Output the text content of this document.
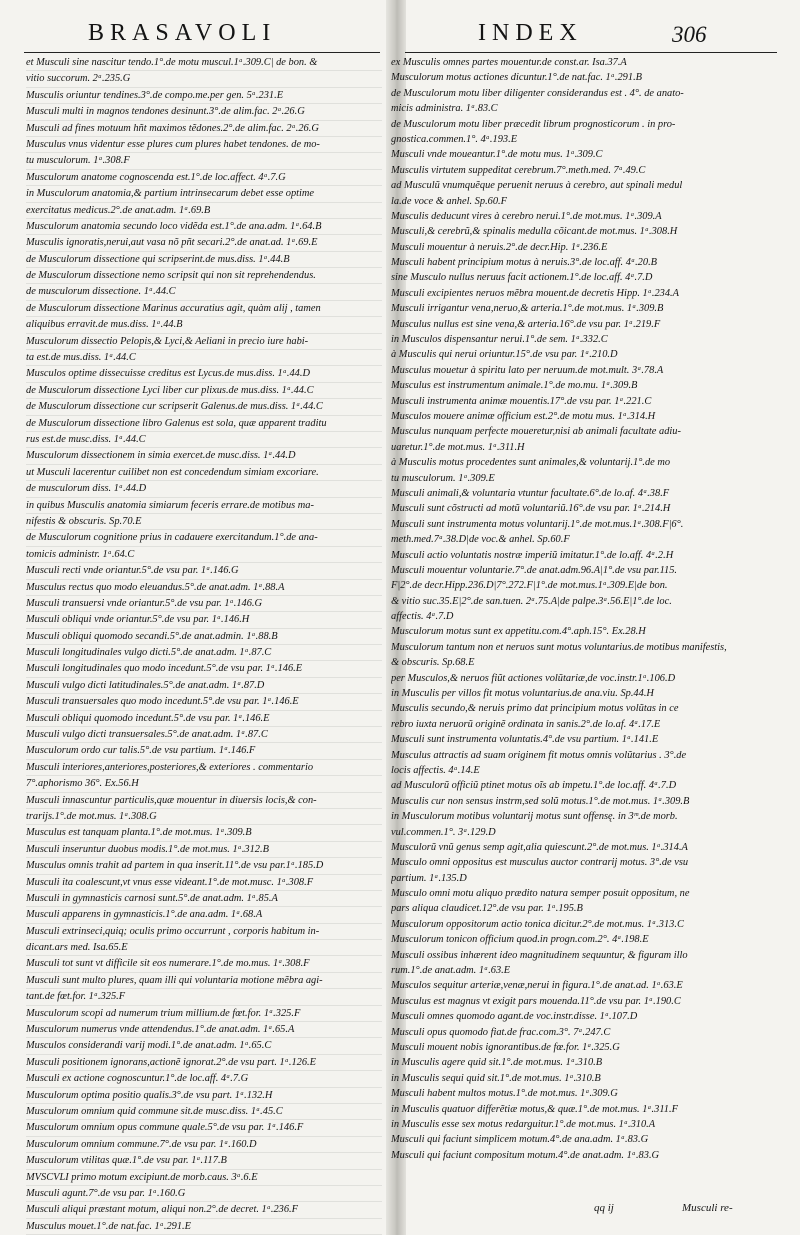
BRASAVOLI	INDEX	306

et Musculi sine nascitur tendo.1°.de motu muscul.1ᵃ.309.C| de bon. &

vitio succorum. 2ᵃ.235.G

Musculis oriuntur tendines.3°.de compo.me.per gen. 5ᵃ.231.E

Musculi multi in magnos tendones desinunt.3°.de alim.fac. 2ᵃ.26.G

Musculi ad fines motuum hñt maximos tẽdones.2°.de alim.fac. 2ᵃ.26.G

Musculus vnus videntur esse plures cum plures habet tendones. de mo-

tu musculorum. 1ᵃ.308.F

Musculorum anatome cognoscenda est.1°.de loc.affect. 4ᵃ.7.G

in Musculorum anatomia,& partium intrinsecarum debet esse optime

exercitatus medicus.2°.de anat.adm. 1ᵃ.69.B

Musculorum anatomia secundo loco vidẽda est.1°.de ana.adm. 1ᵃ.64.B

Musculis ignoratis,nerui,aut vasa nõ pñt secari.2°.de anat.ad. 1ᵃ.69.E

de Musculorum dissectione qui scripserint.de mus.diss. 1ᵃ.44.B

de Musculorum dissectione nemo scripsit qui non sit reprehendendus.

de musculorum dissectione. 1ᵃ.44.C

de Musculorum dissectione Marinus accuratius agit, quàm alij , tamen

aliquibus erravit.de mus.diss. 1ᵃ.44.B

Musculorum dissectio Pelopis,& Lyci,& Aeliani in precio iure habi-

ta est.de mus.diss. 1ᵃ.44.C

Musculos optime dissecuisse creditus est Lycus.de mus.diss. 1ᵃ.44.D

de Musculorum dissectione Lyci liber cur plixus.de mus.diss. 1ᵃ.44.C

de Musculorum dissectione cur scripserit Galenus.de mus.diss. 1ᵃ.44.C

de Musculorum dissectione libro Galenus est sola, quæ apparent traditu

rus est.de musc.diss. 1ᵃ.44.C

Musculorum dissectionem in simia exercet.de musc.diss. 1ᵃ.44.D

ut Musculi lacerentur cuilibet non est concedendum simiam excoriare.

de musculorum diss. 1ᵃ.44.D

in quibus Musculis anatomia simiarum feceris errare.de motibus ma-

nifestis & obscuris. Sp.70.E

de Musculorum cognitione prius in cadauere exercitandum.1°.de ana-

tomicis administr. 1ᵃ.64.C

Musculi recti vnde oriantur.5°.de vsu par. 1ᵃ.146.G

Musculus rectus quo modo eleuandus.5°.de anat.adm. 1ᵃ.88.A

Musculi transuersi vnde oriantur.5°.de vsu par. 1ᵃ.146.G

Musculi obliqui vnde oriantur.5°.de vsu par. 1ᵃ.146.H

Musculi obliqui quomodo secandi.5°.de anat.admin. 1ᵃ.88.B

Musculi longitudinales vulgo dicti.5°.de anat.adm. 1ᵃ.87.C

Musculi longitudinales quo modo incedunt.5°.de vsu par. 1ᵃ.146.E

Musculi vulgo dicti latitudinales.5°.de anat.adm. 1ᵃ.87.D

Musculi transuersales quo modo incedunt.5°.de vsu par. 1ᵃ.146.E

Musculi obliqui quomodo incedunt.5°.de vsu par. 1ᵃ.146.E

Musculi vulgo dicti transuersales.5°.de anat.adm. 1ᵃ.87.C

Musculorum ordo cur talis.5°.de vsu partium. 1ᵃ.146.F

Musculi interiores,anteriores,posteriores,& exteriores . commentario

7°.aphorismo 36°. Ex.56.H

Musculi innascuntur particulis,quæ mouentur in diuersis locis,& con-

trarijs.1°.de mot.mus. 1ᵃ.308.G

Musculus est tanquam planta.1°.de mot.mus. 1ᵃ.309.B

Musculi inseruntur duobus modis.1°.de mot.mus. 1ᵃ.312.B

Musculus omnis trahit ad partem in qua inserit.11°.de vsu par.1ᵃ.185.D

Musculi ita coalescunt,vt vnus esse videant.1°.de mot.musc. 1ᵃ.308.F

Musculi in gymnasticis carnosi sunt.5°.de anat.adm. 1ᵃ.85.A

Musculi apparens in gymnasticis.1°.de ana.adm. 1ᵃ.68.A

Musculi extrinseci,quiq; oculis primo occurrunt , corporis habitum in-

dicant.ars med. Isa.65.E

Musculi tot sunt vt difficile sit eos numerare.1°.de mo.mus. 1ᵃ.308.F

Musculi sunt multo plures, quam illi qui voluntaria motione mẽbra agi-

tant.de fœt.for. 1ᵃ.325.F

Musculorum scopi ad numerum trium millium.de fœt.for. 1ᵃ.325.F

Musculorum numerus vnde attendendus.1°.de anat.adm. 1ᵃ.65.A

Musculos considerandi varij modi.1°.de anat.adm. 1ᵃ.65.C

Musculi positionem ignorans,actionẽ ignorat.2°.de vsu part. 1ᵃ.126.E

Musculi ex actione cognoscuntur.1°.de loc.aff. 4ᵃ.7.G

Musculorum optima positio qualis.3°.de vsu part. 1ᵃ.132.H

Musculorum omnium quid commune sit.de musc.diss. 1ᵃ.45.C

Musculorum omnium opus commune quale.5°.de vsu par. 1ᵃ.146.F

Musculorum omnium commune.7°.de vsu par. 1ᵃ.160.D

Musculorum vtilitas quæ.1°.de vsu par. 1ᵃ.117.B

MVSCVLI primo motum excipiunt.de morb.caus. 3ᵃ.6.E

Musculi agunt.7°.de vsu par. 1ᵃ.160.G

Musculi aliqui præstant motum, aliqui non.2°.de decret. 1ᵃ.236.F

Musculus mouet.1°.de nat.fac. 1ᵃ.291.E

ex Musculis omnes partes mouentur.de const.ar. Isa.37.A

Musculorum motus actiones dicuntur.1°.de nat.fac. 1ᵃ.291.B

de Musculorum motu liber diligenter considerandus est . 4°. de anato-

micis administra. 1ᵃ.83.C

de Musculorum motu liber præcedit librum prognosticorum . in pro-

gnostica.commen.1°. 4ᵃ.193.E

Musculi vnde moueantur.1°.de motu mus. 1ᵃ.309.C

Musculis virtutem suppeditat cerebrum.7°.meth.med. 7ᵃ.49.C

ad Musculũ vnumquẽque peruenit neruus à cerebro, aut spinali medul

la.de voce & anhel. Sp.60.F

Musculis deducunt vires à cerebro nerui.1°.de mot.mus. 1ᵃ.309.A

Musculi,& cerebrũ,& spinalis medulla cõicant.de mot.mus. 1ᵃ.308.H

Musculi mouentur à neruis.2°.de decr.Hip. 1ᵃ.236.E

Musculi habent principium motus à neruis.3°.de loc.aff. 4ᵃ.20.B

sine Musculo nullus neruus facit actionem.1°.de loc.aff. 4ᵃ.7.D

Musculi excipientes neruos mẽbra mouent.de decretis Hipp. 1ᵃ.234.A

Musculi irrigantur vena,neruo,& arteria.1°.de mot.mus. 1ᵃ.309.B

Musculus nullus est sine vena,& arteria.16°.de vsu par. 1ᵃ.219.F

in Musculos dispensantur nerui.1°.de sem. 1ᵃ.332.C

à Musculis qui nerui oriuntur.15°.de vsu par. 1ᵃ.210.D

Musculus mouetur à spiritu lato per neruum.de mot.mult. 3ᵃ.78.A

Musculus est instrumentum animale.1°.de mo.mu. 1ᵃ.309.B

Musculi instrumenta animæ mouentis.17°.de vsu par. 1ᵃ.221.C

Musculos mouere animæ officium est.2°.de motu mus. 1ᵃ.314.H

Musculus nunquam perfecte moueretur,nisi ab animali facultate adiu-

uaretur.1°.de mot.mus. 1ᵃ.311.H

à Musculis motus procedentes sunt animales,& voluntarij.1°.de mo

tu musculorum. 1ᵃ.309.E

Musculi animali,& voluntaria vtuntur facultate.6°.de lo.af. 4ᵃ.38.F

Musculi sunt cõstructi ad motũ voluntariũ.16°.de vsu par. 1ᵃ.214.H

Musculi sunt instrumenta motus voluntarij.1°.de mot.mus.1ᵃ.308.F|6°.

meth.med.7ᵃ.38.D|de voc.& anhel. Sp.60.F

Musculi actio voluntatis nostræ imperiũ imitatur.1°.de lo.aff. 4ᵃ.2.H

Musculi mouentur voluntarie.7°.de anat.adm.96.A|1°.de vsu par.115.

F|2°.de decr.Hipp.236.D|7°.272.F|1°.de mot.mus.1ᵃ.309.E|de bon.

& vitio suc.35.E|2°.de san.tuen. 2ᵃ.75.A|de palpe.3ᵃ.56.E|1°.de loc.

affectis. 4ᵃ.7.D

Musculorum motus sunt ex appetitu.com.4°.aph.15°. Ex.28.H

Musculorum tantum non et neruos sunt motus voluntarius.de motibus manifestis,

& obscuris. Sp.68.E

per Musculos,& neruos fiũt actiones volũtariæ,de voc.instr.1ᵃ.106.D

in Musculis per villos fit motus voluntarius.de ana.viu. Sp.44.H

Musculis secundo,& neruis primo dat principium motus volũtas in ce

rebro iuxta neruorũ originẽ ordinata in sanis.2°.de lo.af. 4ᵃ.17.E

Musculi sunt instrumenta voluntatis.4°.de vsu partium. 1ᵃ.141.E

Musculus attractis ad suam originem fit motus omnis volũtarius . 3°.de

locis affectis. 4ᵃ.14.E

ad Musculorũ officiũ ptinet motus oĩs ab impetu.1°.de loc.aff. 4ᵃ.7.D

Musculis cur non sensus instrm,sed solũ motus.1°.de mot.mus. 1ᵃ.309.B

in Musculorum motibus voluntarij motus sunt offensę. in 3ᵐ.de morb.

vul.commen.1°. 3ᵃ.129.D

Musculorũ vnũ genus semp agit,alia quiescunt.2°.de mot.mus. 1ᵃ.314.A

Musculo omni oppositus est musculus auctor contrarij motus. 3°.de vsu

partium. 1ᵃ.135.D

Musculo omni motu aliquo prædito natura semper posuit oppositum, ne

pars aliqua claudicet.12°.de vsu par. 1ᵃ.195.B

Musculorum oppositorum actio tonica dicitur.2°.de mot.mus. 1ᵃ.313.C

Musculorum tonicon officium quod.in progn.com.2°. 4ᵃ.198.E

Musculi ossibus inhærent ideo magnitudinem sequuntur, & figuram illo

rum.1°.de anat.adm. 1ᵃ.63.E

Musculos sequitur arteriæ,venæ,nerui in figura.1°.de anat.ad. 1ᵃ.63.E

Musculus est magnus vt exigit pars mouenda.11°.de vsu par. 1ᵃ.190.C

Musculi omnes quomodo agant.de voc.instr.disse. 1ᵃ.107.D

Musculi opus quomodo fiat.de frac.com.3°. 7ᵃ.247.C

Musculi mouent nobis ignorantibus.de fœ.for. 1ᵃ.325.G

in Musculis agere quid sit.1°.de mot.mus. 1ᵃ.310.B

in Musculis sequi quid sit.1°.de mot.mus. 1ᵃ.310.B

Musculi habent multos motus.1°.de mot.mus. 1ᵃ.309.G

in Musculis quatuor differẽtiæ motus,& quæ.1°.de mot.mus. 1ᵃ.311.F

in Musculis esse sex motus redarguitur.1°.de mot.mus. 1ᵃ.310.A

Musculi qui faciunt simplicem motum.4°.de ana.adm. 1ᵃ.83.G

Musculi qui faciunt compositum motum.4°.de anat.adm. 1ᵃ.83.G

qq ij	Musculi re-
